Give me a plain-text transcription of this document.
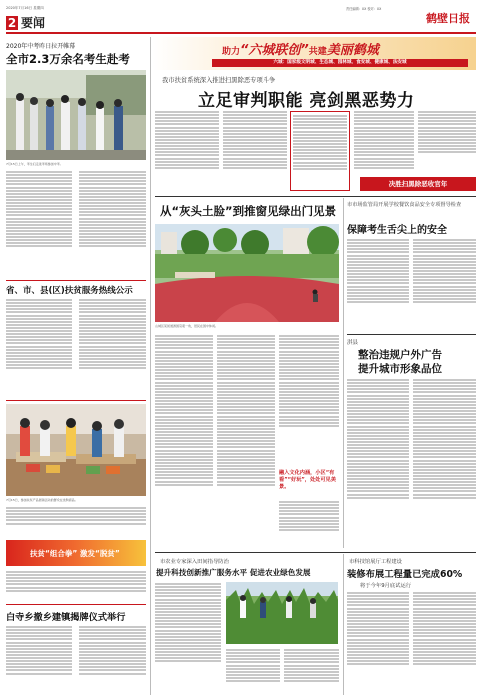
2020年7月16日 星期四
2 要闻
责任编辑：XX 校对：XX
鹤壁日报
助力“六城联创”共建美丽鹤城
六城：国家级文明城、生态城、园林城、食安城、健康城、法安城
2020年中考昨日拉开帷幕
全市2.3万余名考生赴考
7月15日上午，考生们走进考场参加中考。
省、市、县(区)扶贫服务热线公示
7月15日，参加扶贫产品展销活动的群众在选购商品。
扶贫“组合拳” 激发“脱贫”
白寺乡撤乡建镇揭牌仪式举行
我市扶贫系统深入推进扫黑除恶专项斗争
立足审判职能 亮剑黑恶势力
决胜扫黑除恶收官年
从“灰头土脸”到推窗见绿出门见景
山城区某街道游园景观一角，居民在园中休闲。
融入文化内涵，小区“有看”“好玩”，处处可见美景。
市市场监管局开展学校餐饮食品安全专项督导检查
保障考生舌尖上的安全
淇县
整治违规户外广告
提升城市形象品位
市农业专家深入田间指导防治
提升科技创新推广服务水平 促进农业绿色发展
市科技馆展厅工程建设
装修布展工程量已完成60%
将于今年9月底试运行
